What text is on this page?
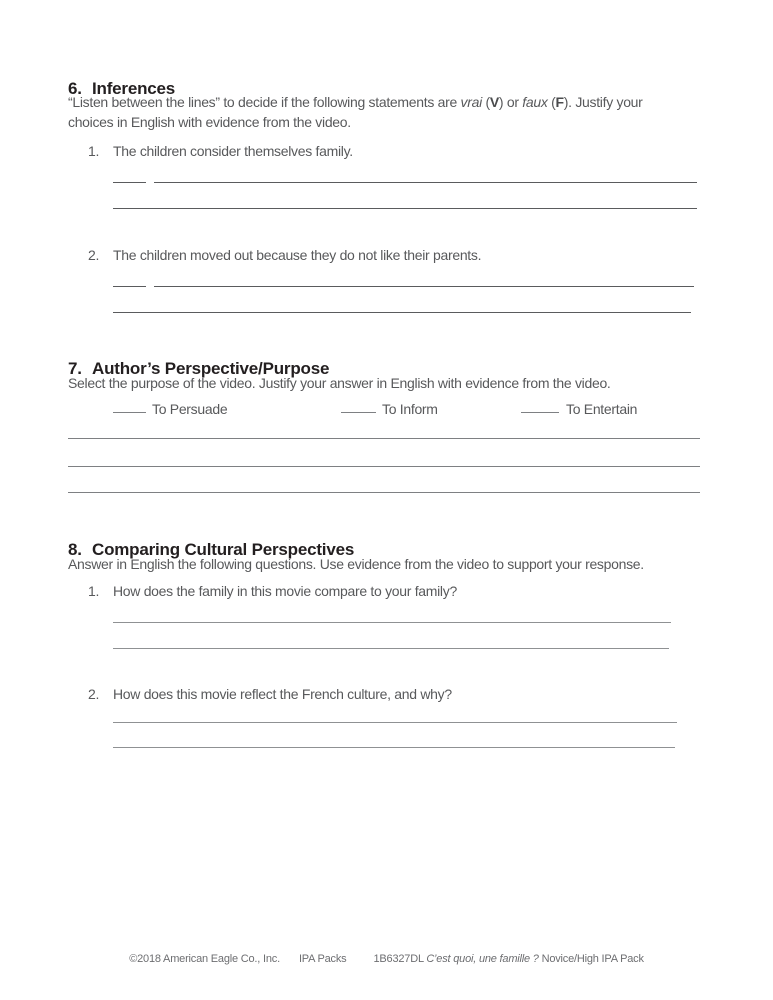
6. Inferences

“Listen between the lines” to decide if the following statements are vrai (V) or faux (F). Justify your
choices in English with evidence from the video.

1. The children consider themselves family.
2. The children moved out because they do not like their parents.
7. Author’s Perspective/Purpose

Select the purpose of the video. Justify your answer in English with evidence from the video.

To Persuade	To Inform	To Entertain
8. Comparing Cultural Perspectives

Answer in English the following questions. Use evidence from the video to support your response.

1. How does the family in this movie compare to your family?
2. How does this movie reflect the French culture, and why?
©2018 American Eagle Co., Inc. IPA Packs 1B6327DL C’est quoi, une famille ? Novice/High IPA Pack
